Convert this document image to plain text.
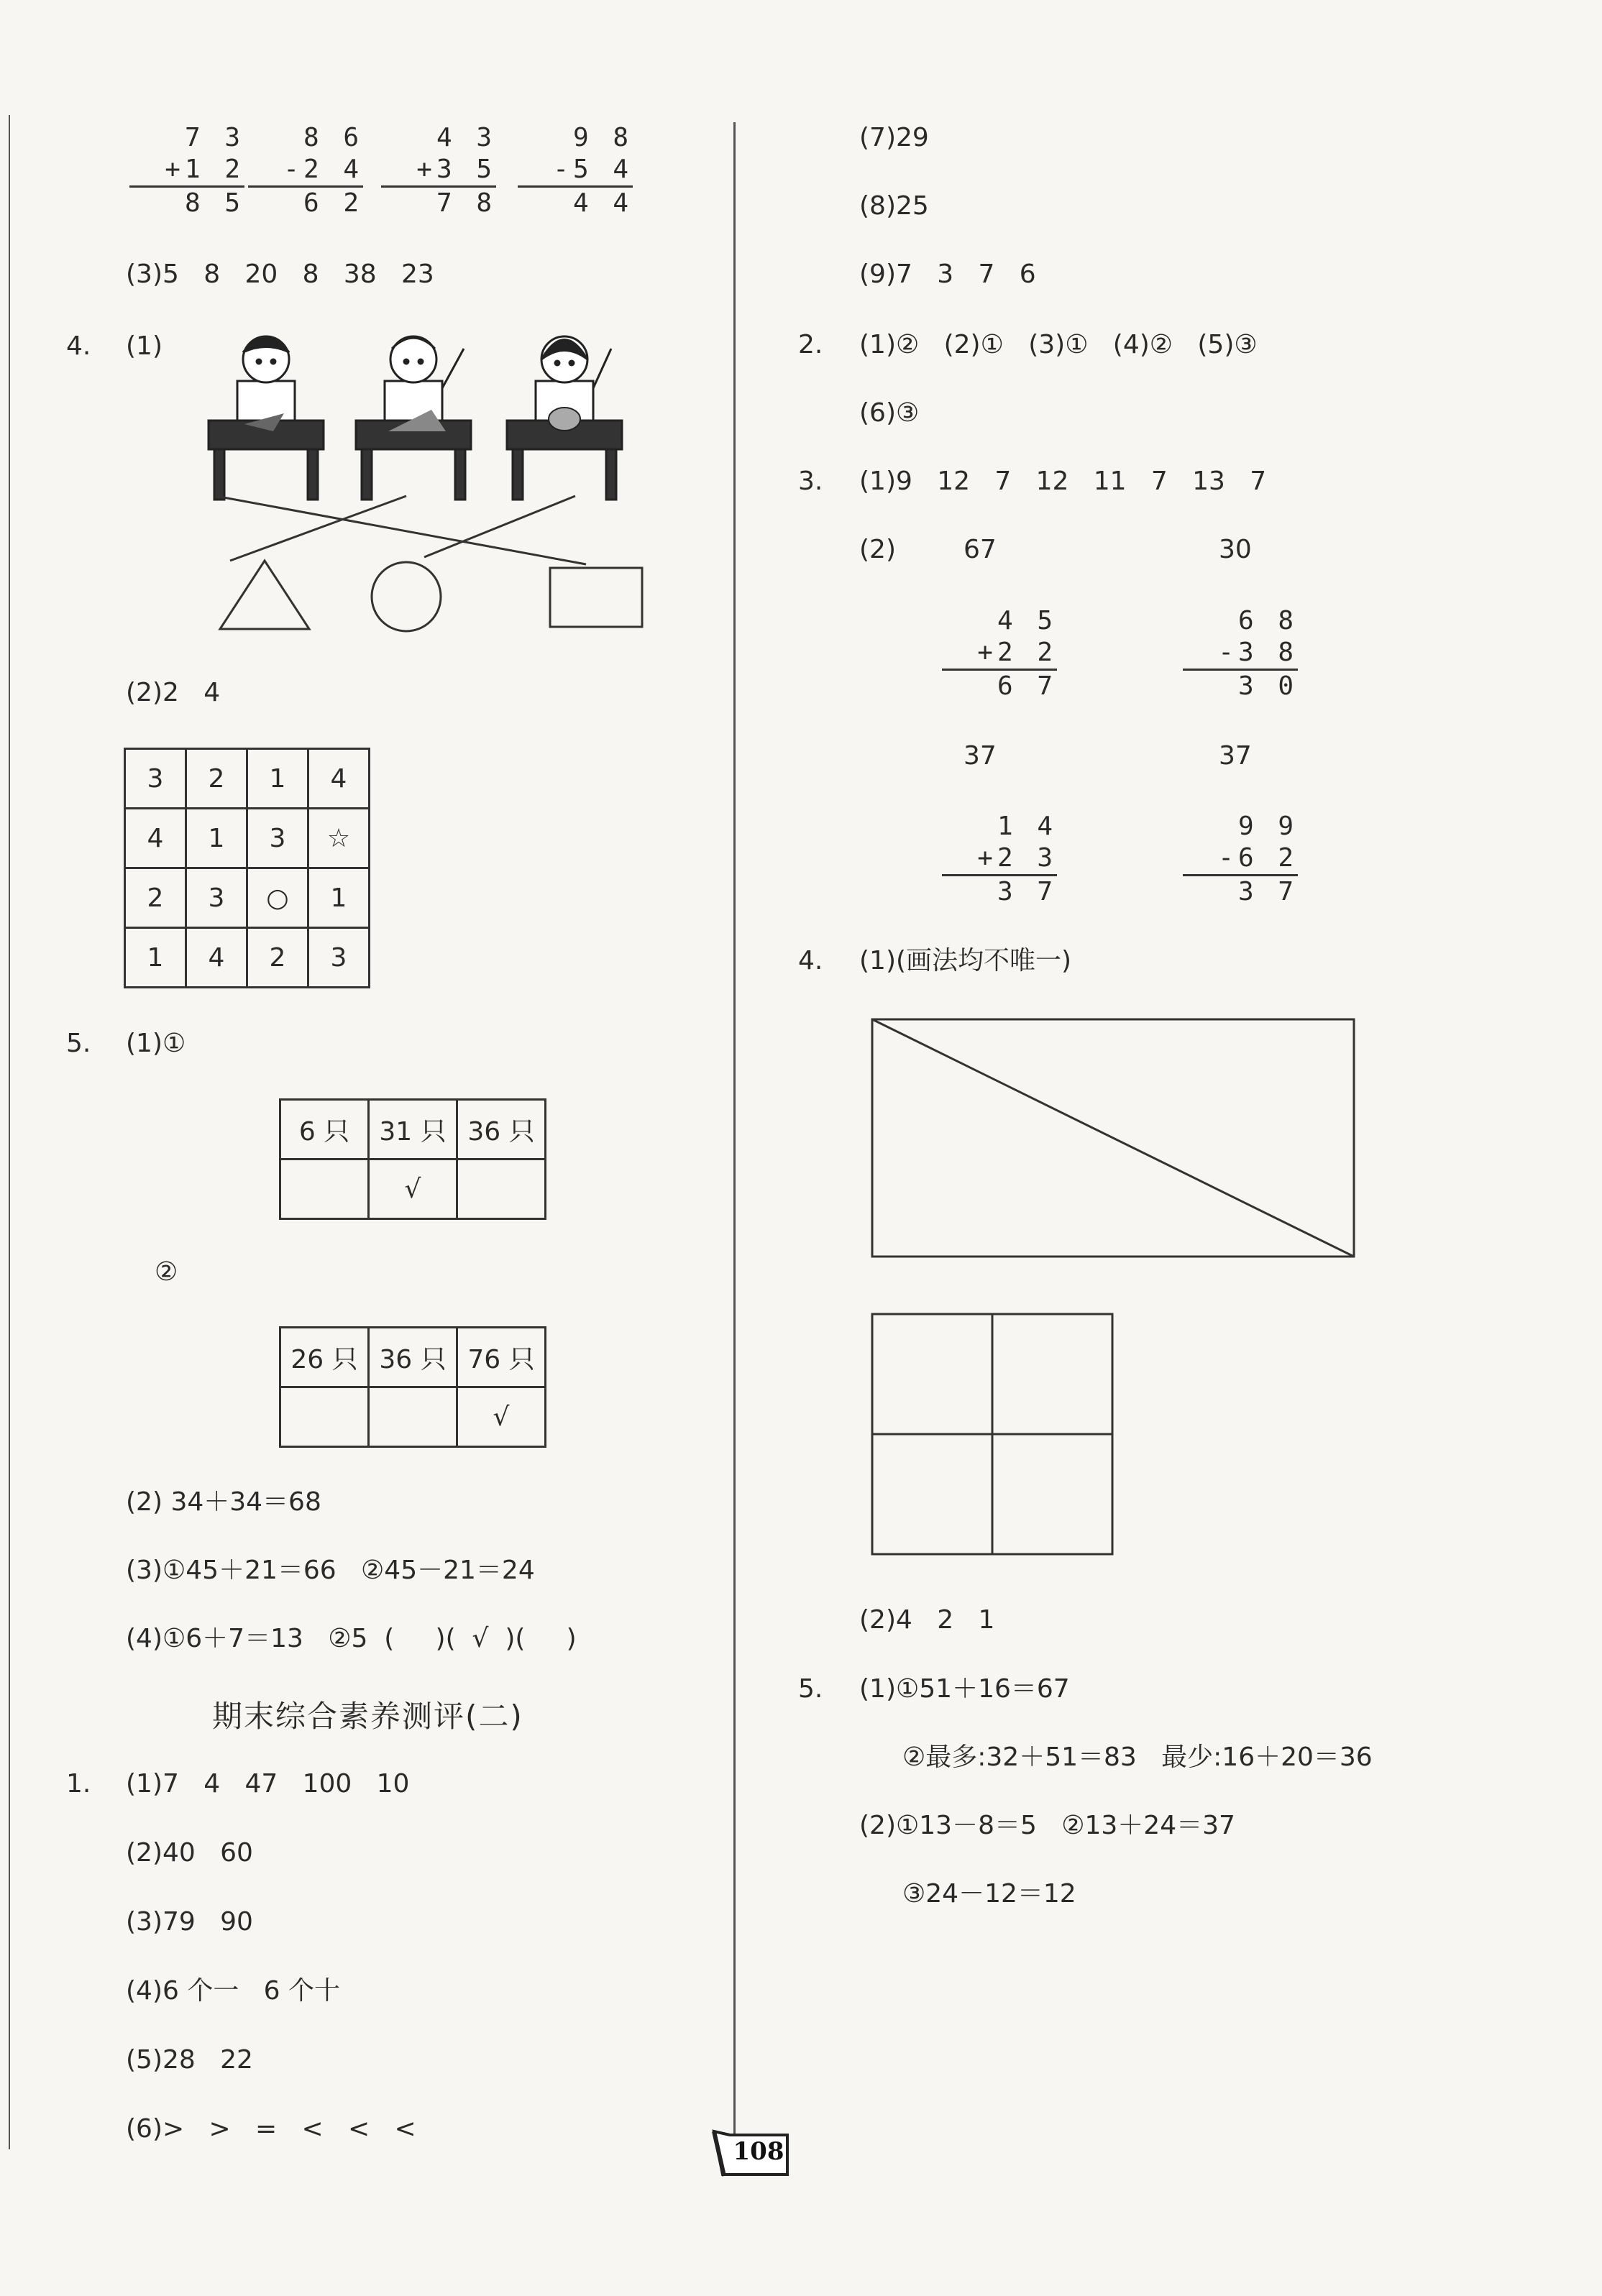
7 3
+1 2
8 5
8 6
-2 4
6 2
4 3
+3 5
7 8
9 8
-5 4
4 4
(3)5   8   20   8   38   23
4. (1)
(2)2   4
3	2	1	4
4	1	3	☆
2	3	○	1
1	4	2	3
5. (1)①
6 只	31 只	36 只
	√	
②
26 只	36 只	76 只
		√
(2) 34＋34＝68
(3)①45＋21＝66   ②45－21＝24
(4)①6＋7＝13   ②5  (     )(  √  )(     )
期末综合素养测评(二)
1. (1)7   4   47   100   10
(2)40   60
(3)79   90
(4)6 个一   6 个十
(5)28   22
(6)>   >   =   <   <   <
(7)29
(8)25
(9)7   3   7   6
2. (1)②   (2)①   (3)①   (4)②   (5)③
(6)③
3. (1)9   12   7   12   11   7   13   7
(2)	67	30
4 5
+2 2
6 7
6 8
-3 8
3 0
37	37
1 4
+2 3
3 7
9 9
-6 2
3 7
4. (1)(画法均不唯一)
(2)4   2   1
5. (1)①51＋16＝67
②最多:32＋51＝83   最少:16＋20＝36
(2)①13－8＝5   ②13＋24＝37
③24－12＝12
108
